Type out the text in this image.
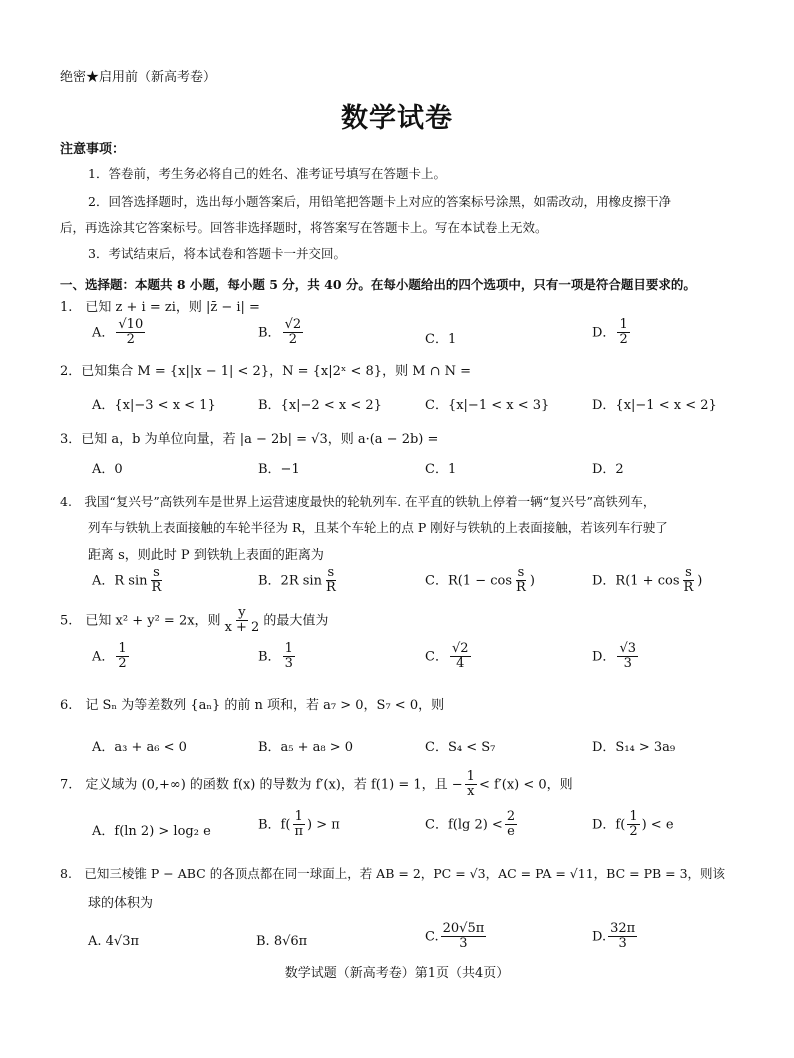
绝密★启用前（新高考卷）
数学试卷
注意事项：
1．答卷前，考生务必将自己的姓名、准考证号填写在答题卡上。
2．回答选择题时，选出每小题答案后，用铅笔把答题卡上对应的答案标号涂黑，如需改动，用橡皮擦干净
后，再选涂其它答案标号。回答非选择题时，将答案写在答题卡上。写在本试卷上无效。
3．考试结束后，将本试卷和答题卡一并交回。
一、选择题：本题共 8 小题，每小题 5 分，共 40 分。在每小题给出的四个选项中，只有一项是符合题目要求的。
1.　已知 z + i = zi，则 |z̄ − i| =
A． $\frac{√10}{2}$	B． $\frac{√2}{2}$	C．1	D． $\frac{1}{2}$
2．已知集合 M = {x||x − 1| < 2}，N = {x|2ˣ < 8}，则 M ∩ N =
A．{x|−3 < x < 1}	B．{x|−2 < x < 2}	C．{x|−1 < x < 3}	D．{x|−1 < x < 2}
3．已知 a，b 为单位向量，若 |a − 2b| = √3，则 a·(a − 2b) =
A．0	B．−1	C．1	D．2
4.　我国“复兴号”高铁列车是世界上运营速度最快的轮轨列车. 在平直的铁轨上停着一辆“复兴号”高铁列车，
列车与铁轨上表面接触的车轮半径为 R，且某个车轮上的点 P 刚好与铁轨的上表面接触，若该列车行驶了
距离 s，则此时 P 到铁轨上表面的距离为
A．R $\sin \frac{s}{R}$	B．2R $\sin \frac{s}{R}$	C．$R(1 - \cos \frac{s}{R}$ )	D．$R(1 + \cos \frac{s}{R}$ )
5.　已知 x² + y² = 2x，则 $\frac{y}{x + 2}$ 的最大值为
A． $\frac{1}{2}$	B． $\frac{1}{3}$	C． $\frac{√2}{4}$	D． $\frac{√3}{3}$
6.　记 Sₙ 为等差数列 {aₙ} 的前 n 项和，若 a₇ > 0，S₇ < 0，则
A．a₃ + a₆ < 0	B．a₅ + a₈ > 0	C．S₄ < S₇	D．S₁₄ > 3a₉
7.　定义域为 (0,+∞) 的函数 f(x) 的导数为 f′(x)，若 f(1) = 1，且 − $\frac{1}{x} < f'(x) < 0$，则
A．f(ln 2) > log₂ e	B．$f( \frac{1}{\pi}$ ) > π	C．f(lg $2) < \frac{2}{e}$	D．$f( \frac{1}{2}$ ) < e
8.　已知三棱锥 P − ABC 的各顶点都在同一球面上，若 AB = 2，PC = √3，AC = PA = √11，BC = PB = 3，则该
球的体积为
A. 4√3π	B. 8√6π	C. $\frac{20√5\pi}{3}$	D. $\frac{32\pi}{3}$
数学试题（新高考卷）第1页（共4页）
